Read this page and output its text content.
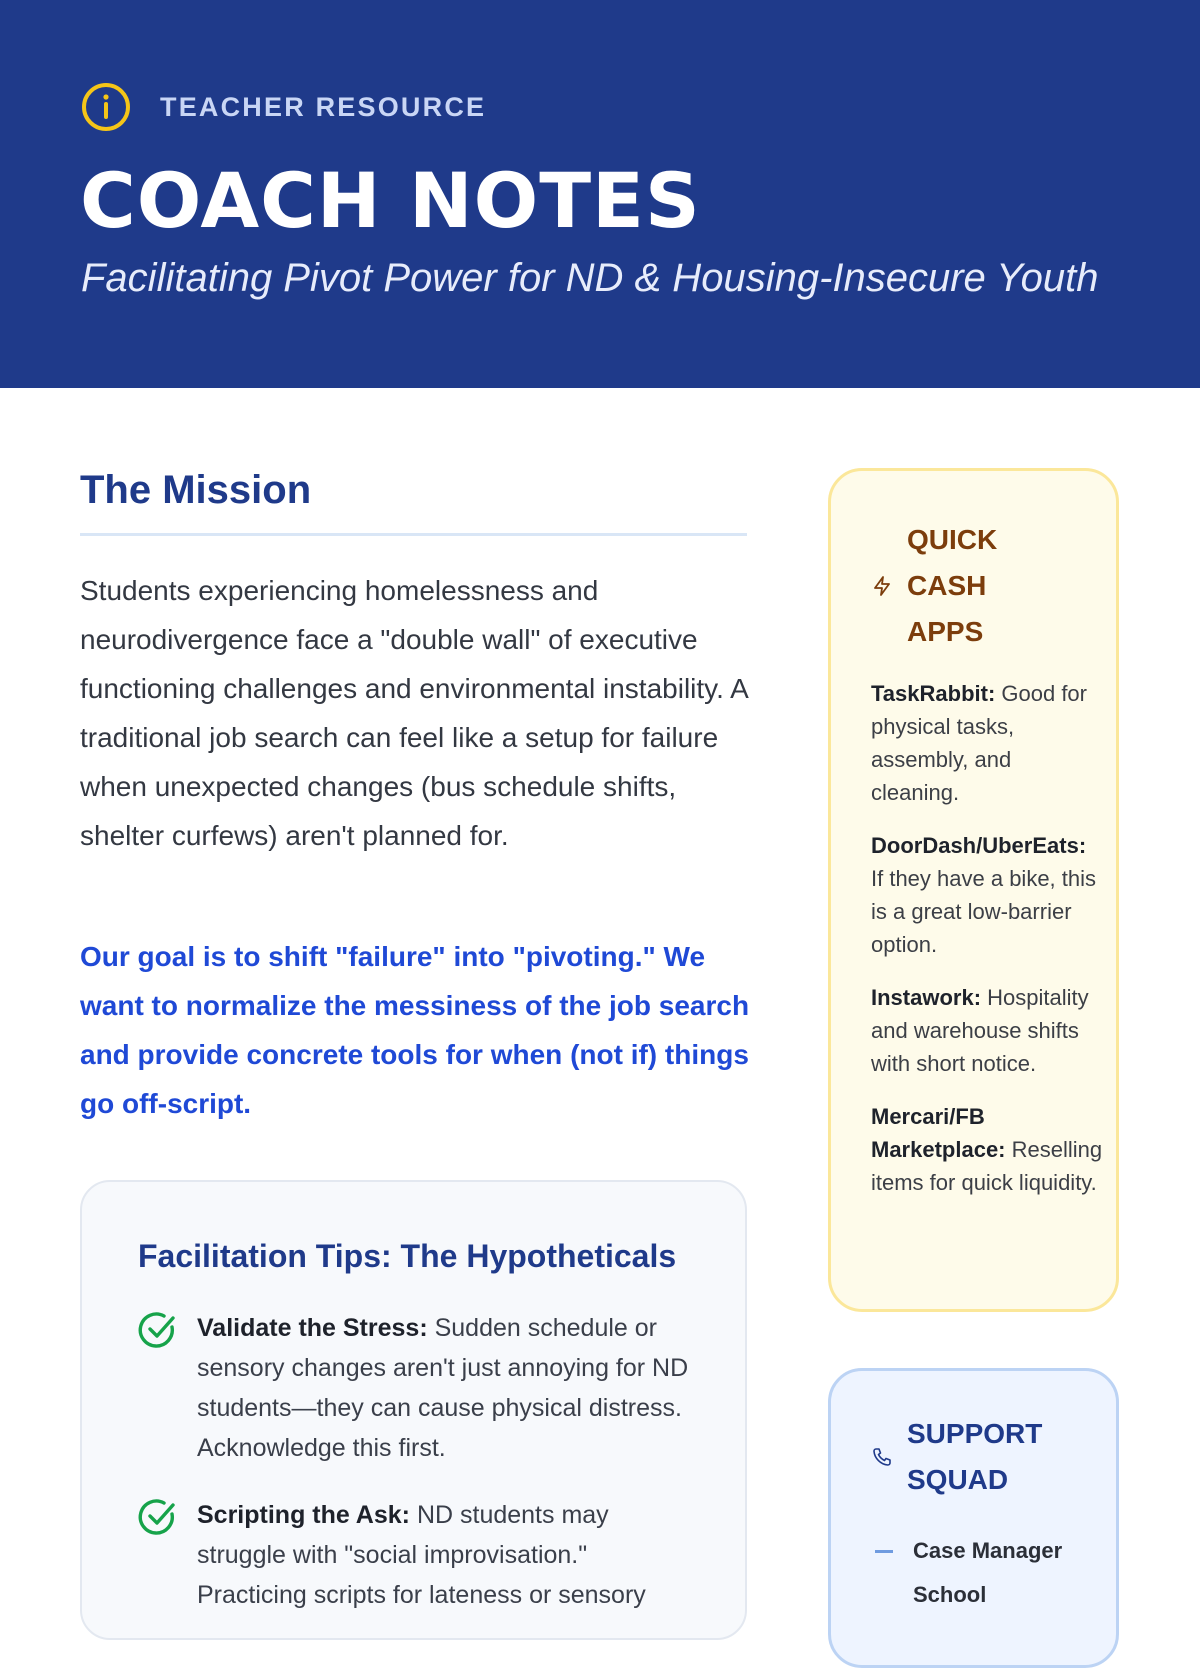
TEACHER RESOURCE
COACH NOTES
Facilitating Pivot Power for ND & Housing-Insecure Youth
The Mission

Students experiencing homelessness and neurodivergence face a "double wall" of executive functioning challenges and environmental instability. A traditional job search can feel like a setup for failure when unexpected changes (bus schedule shifts, shelter curfews) aren't planned for.

Our goal is to shift "failure" into "pivoting." We want to normalize the messiness of the job search and provide concrete tools for when (not if) things go off-script.

Facilitation Tips: The Hypotheticals
Validate the Stress: Sudden schedule or sensory changes aren't just annoying for ND students—they can cause physical distress. Acknowledge this first.
Scripting the Ask: ND students may struggle with "social improvisation." Practicing scripts for lateness or sensory
QUICK CASH APPS
TaskRabbit: Good for physical tasks, assembly, and cleaning.
DoorDash/UberEats: If they have a bike, this is a great low-barrier option.
Instawork: Hospitality and warehouse shifts with short notice.
Mercari/FB Marketplace: Reselling items for quick liquidity.
SUPPORT SQUAD
Case Manager
School
